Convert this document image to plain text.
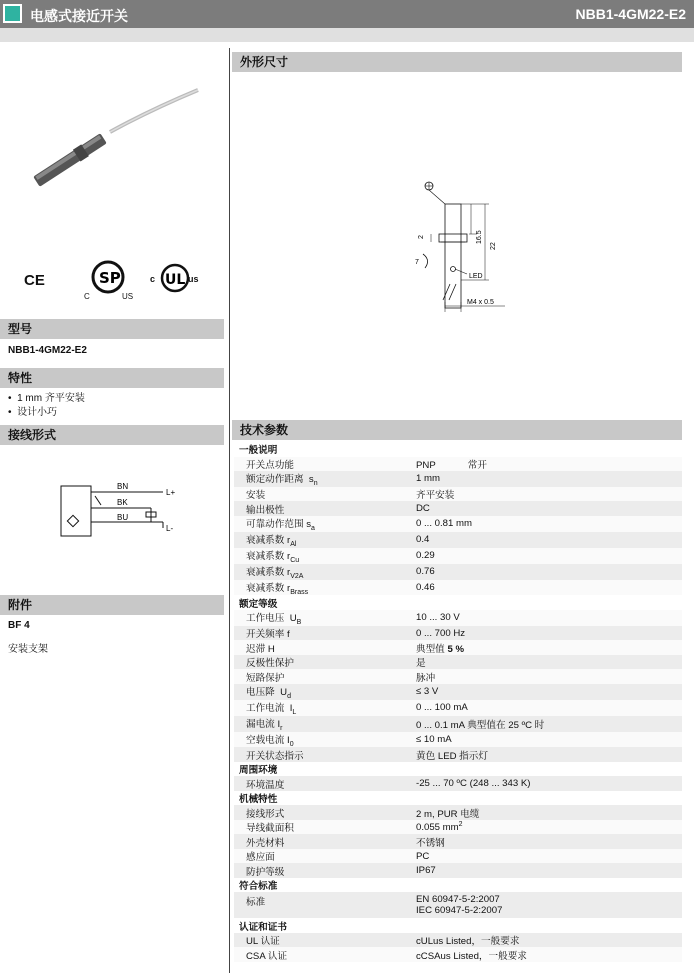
电感式接近开关	NBB1-4GM22-E2
CE	SP
C	US
UL
c	us
型号
NBB1-4GM22-E2
特性
•  1 mm 齐平安装
•  设计小巧
接线形式
BN
BK
BU
L+
L-
附件
BF 4
安装支架
外形尺寸
2
7
16.5
22
LED
M4 x 0.5
技术参数
一般说明	
开关点功能	PNP 常开
额定动作距离 $s_n$	1 mm
安装	齐平安装
输出极性	DC
可靠动作范围 $s_a$	0 ... 0.81 mm
衰减系数 $r_{Al}$	0.4
衰减系数 $r_{Cu}$	0.29
衰减系数 $r_{V2A}$	0.76
衰减系数 $r_{Brass}$	0.46
额定等级	
工作电压 $U_B$	10 ... 30 V
开关频率 f	0 ... 700 Hz
迟滞 H	典型值 5 %
反极性保护	是
短路保护	脉冲
电压降 $U_d$	≤ 3 V
工作电流 $I_L$	0 ... 100 mA
漏电流 $I_r$	0 ... 0.1 mA 典型值在 25 ºC 时
空载电流 $I_0$	≤ 10 mA
开关状态指示	黄色 LED 指示灯
周围环境	
环境温度	-25 ... 70 ºC (248 ... 343 K)
机械特性	
接线形式	2 m, PUR 电缆
导线截面积	0.055 $mm^2$
外壳材料	不锈钢
感应面	PC
防护等级	IP67
符合标准	
标准	EN 60947-5-2:2007
IEC 60947-5-2:2007

认证和证书	
UL 认证	cULus Listed，一般要求
CSA 认证	cCSAus Listed，一般要求
